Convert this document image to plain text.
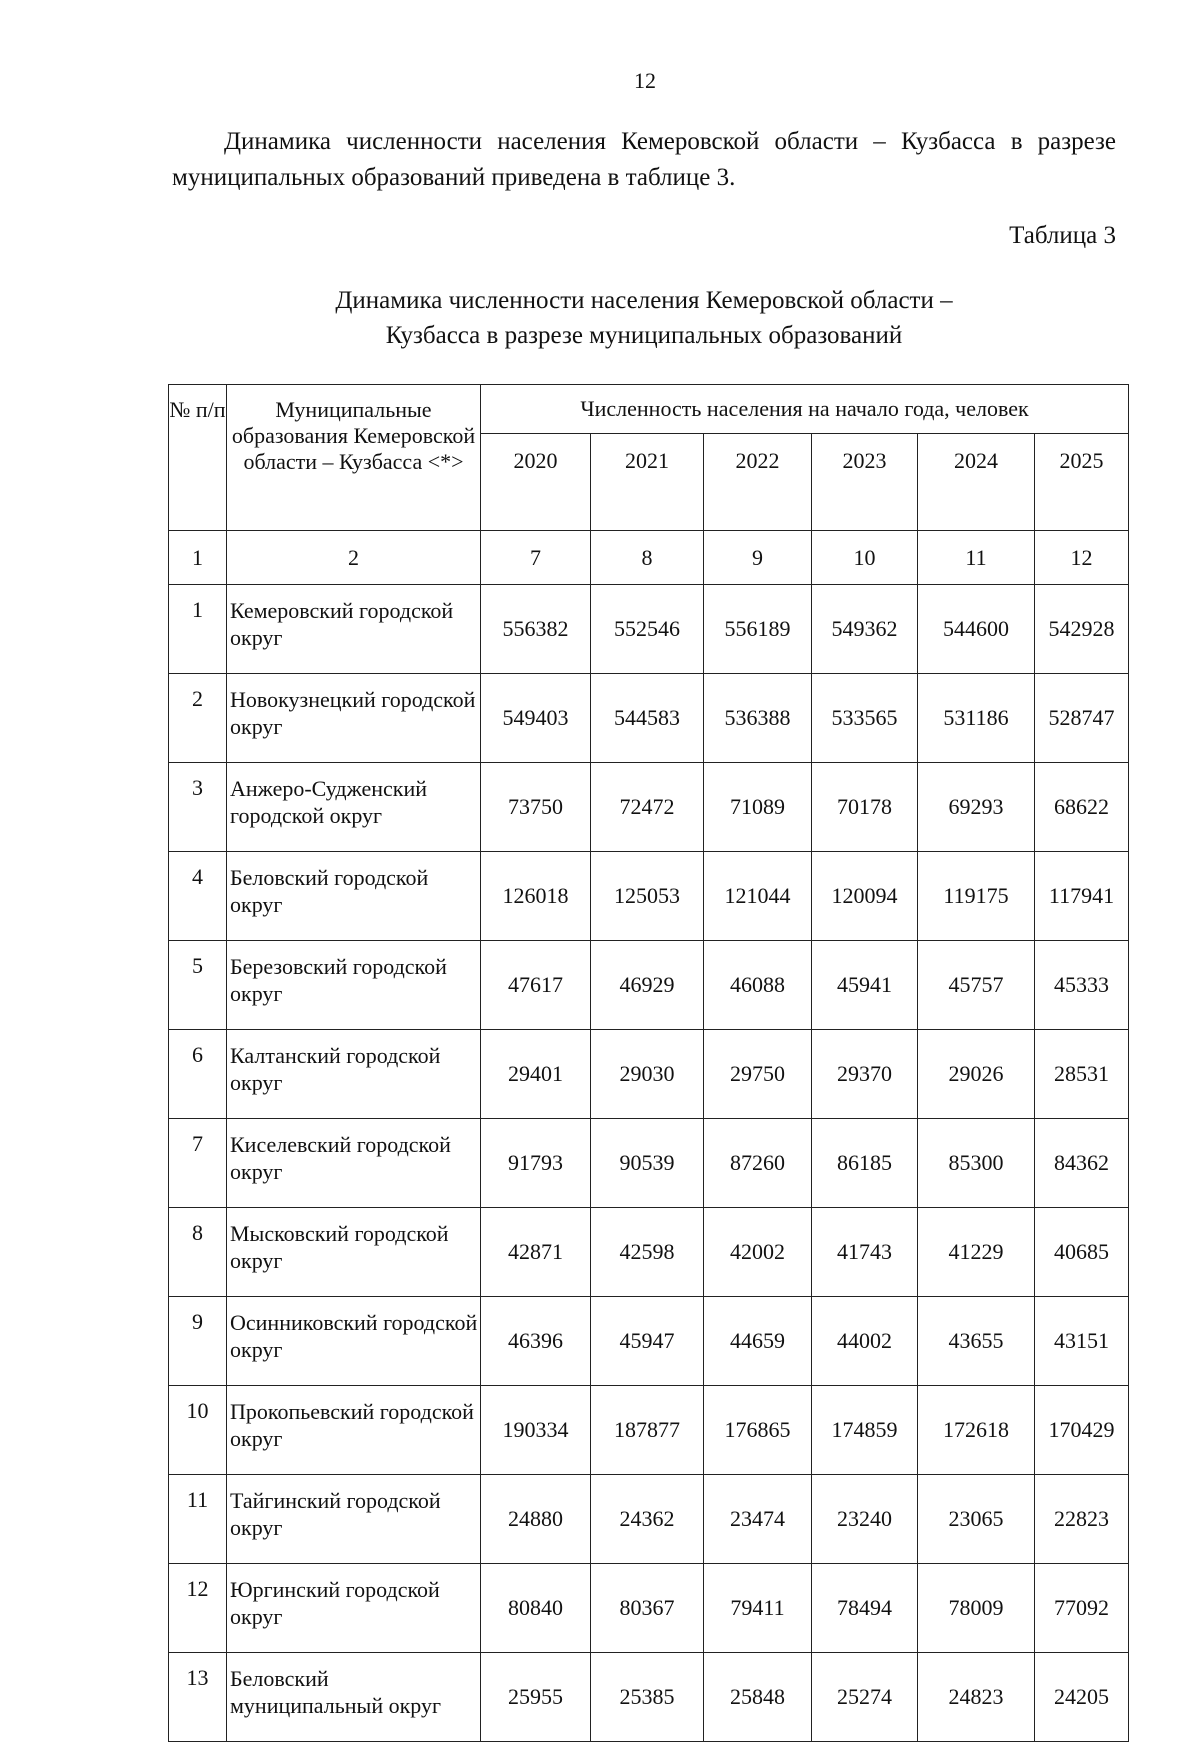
12

Динамика численности населения Кемеровской области – Кузбасса в разрезе муниципальных образований приведена в таблице 3.

Таблица 3
Динамика численности населения Кемеровской области –
Кузбасса в разрезе муниципальных образований
№ п/п	Муниципальные образования Кемеровской области – Кузбасса <*>	Численность населения на начало года, человек					
		2020	2021	2022	2023	2024	2025
1	2	7	8	9	10	11	12
1	Кемеровский городской округ	556382	552546	556189	549362	544600	542928
2	Новокузнецкий городской округ	549403	544583	536388	533565	531186	528747
3	Анжеро-Судженский городской округ	73750	72472	71089	70178	69293	68622
4	Беловский городской округ	126018	125053	121044	120094	119175	117941
5	Березовский городской округ	47617	46929	46088	45941	45757	45333
6	Калтанский городской округ	29401	29030	29750	29370	29026	28531
7	Киселевский городской округ	91793	90539	87260	86185	85300	84362
8	Мысковский городской округ	42871	42598	42002	41743	41229	40685
9	Осинниковский городской округ	46396	45947	44659	44002	43655	43151
10	Прокопьевский городской округ	190334	187877	176865	174859	172618	170429
11	Тайгинский городской округ	24880	24362	23474	23240	23065	22823
12	Юргинский городской округ	80840	80367	79411	78494	78009	77092
13	Беловский муниципальный округ	25955	25385	25848	25274	24823	24205
